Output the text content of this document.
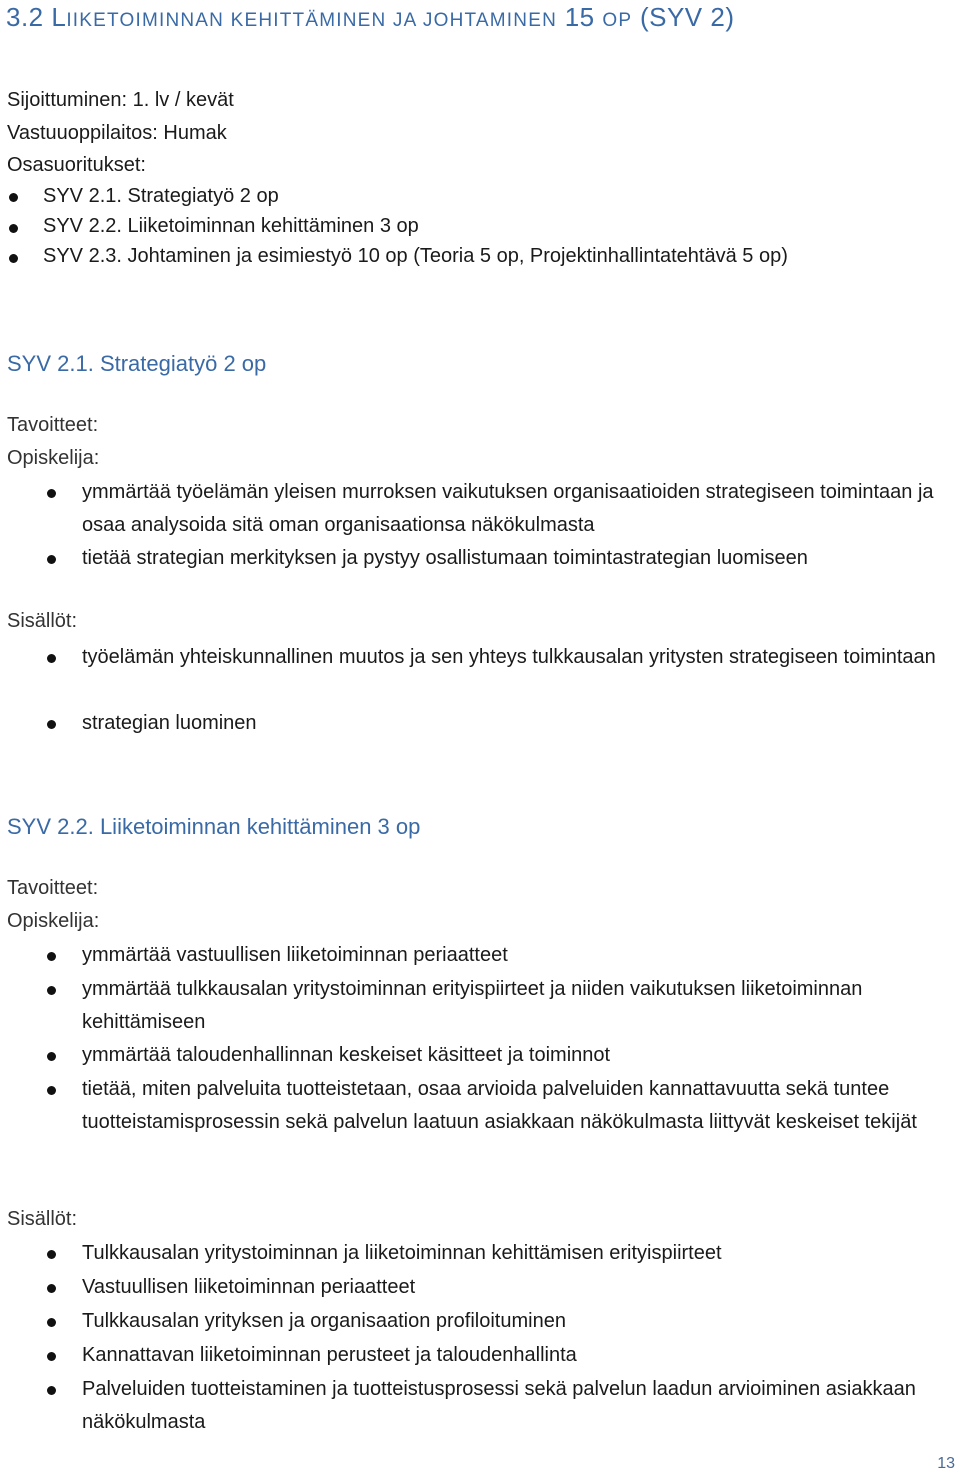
3.2 LIIKETOIMINNAN KEHITTÄMINEN JA JOHTAMINEN 15 OP (SYV 2)
Sijoittuminen: 1. lv / kevät
Vastuuoppilaitos: Humak
Osasuoritukset:
SYV 2.1. Strategiatyö 2 op
SYV 2.2. Liiketoiminnan kehittäminen 3 op
SYV 2.3. Johtaminen ja esimiestyö 10 op (Teoria 5 op, Projektinhallintatehtävä 5 op)
SYV 2.1. Strategiatyö 2 op
Tavoitteet:
Opiskelija:
ymmärtää työelämän yleisen murroksen vaikutuksen organisaatioiden strategiseen toimintaan ja osaa analysoida sitä oman organisaationsa näkökulmasta
tietää strategian merkityksen ja pystyy osallistumaan toimintastrategian luomiseen
Sisällöt:
työelämän yhteiskunnallinen muutos ja sen yhteys tulkkausalan yritysten strategiseen toimintaan
strategian luominen
SYV 2.2. Liiketoiminnan kehittäminen 3 op
Tavoitteet:
Opiskelija:
ymmärtää vastuullisen liiketoiminnan periaatteet
ymmärtää tulkkausalan yritystoiminnan erityispiirteet ja niiden vaikutuksen liiketoiminnan kehittämiseen
ymmärtää taloudenhallinnan keskeiset käsitteet ja toiminnot
tietää, miten palveluita tuotteistetaan, osaa arvioida palveluiden kannattavuutta sekä tuntee tuotteistamisprosessin sekä palvelun laatuun asiakkaan näkökulmasta liittyvät keskeiset tekijät
Sisällöt:
Tulkkausalan yritystoiminnan ja liiketoiminnan kehittämisen erityispiirteet
Vastuullisen liiketoiminnan periaatteet
Tulkkausalan yrityksen ja organisaation profiloituminen
Kannattavan liiketoiminnan perusteet ja taloudenhallinta
Palveluiden tuotteistaminen ja tuotteistusprosessi sekä palvelun laadun arvioiminen asiakkaan näkökulmasta
13
